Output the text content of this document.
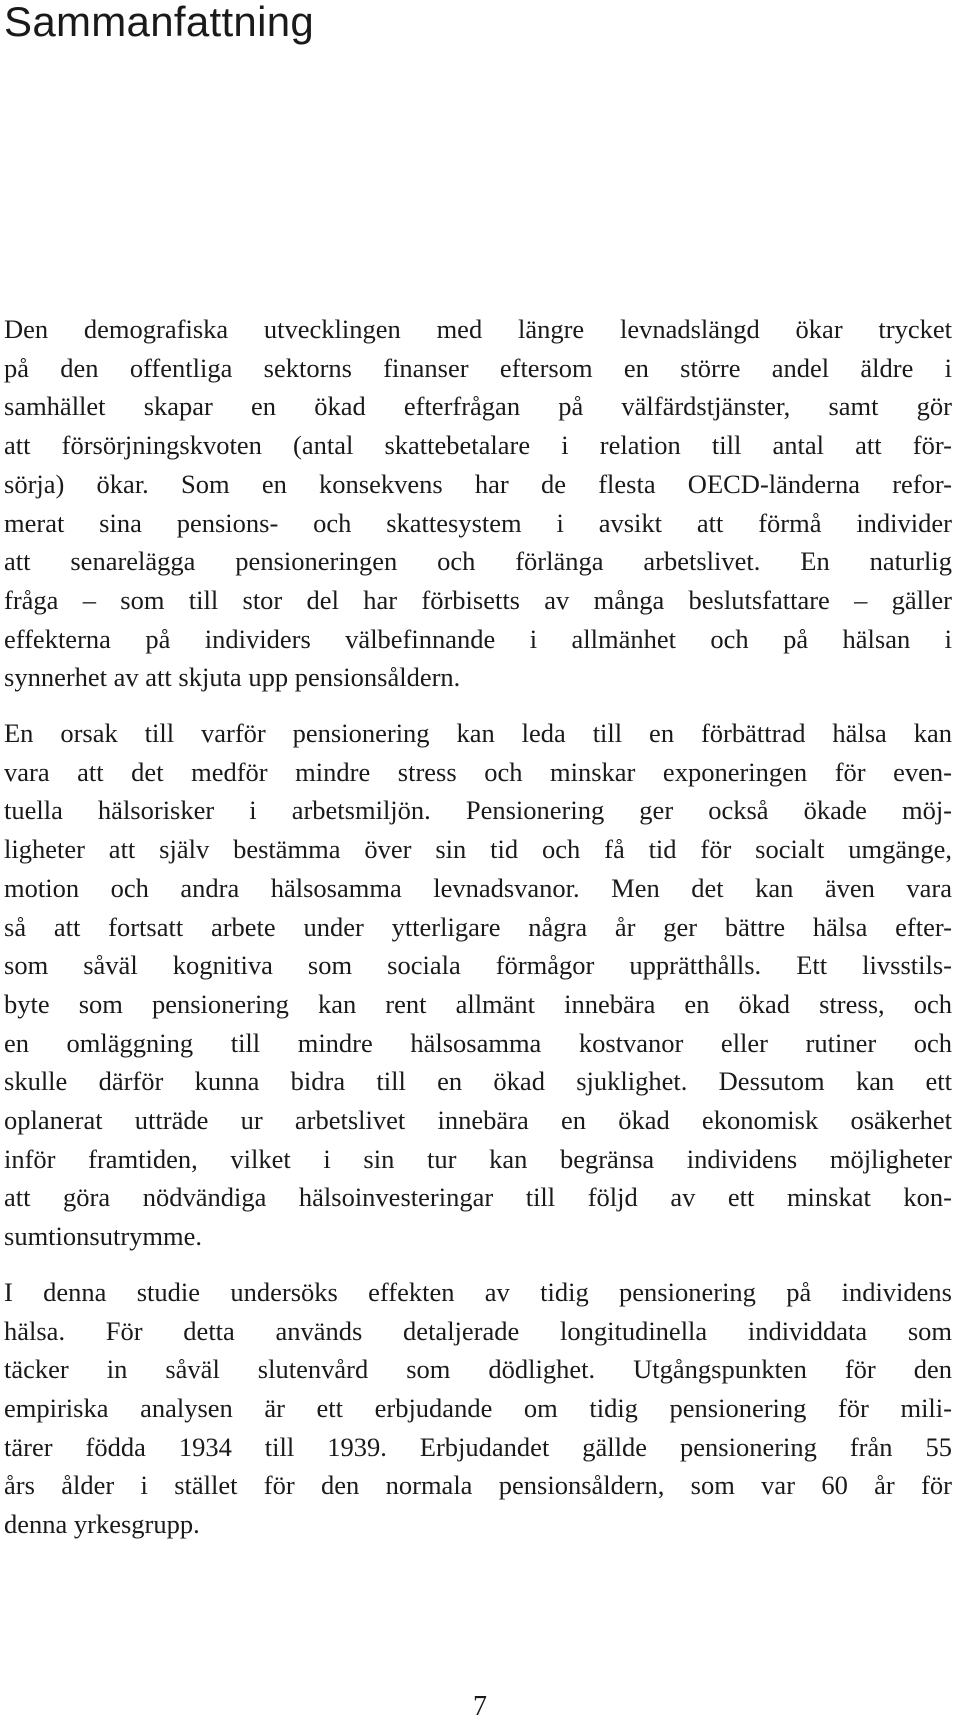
Sammanfattning

Den demografiska utvecklingen med längre levnadslängd ökar trycket
på den offentliga sektorns finanser eftersom en större andel äldre i
samhället skapar en ökad efterfrågan på välfärdstjänster, samt gör
att försörjningskvoten (antal skattebetalare i relation till antal att för-
sörja) ökar. Som en konsekvens har de flesta OECD-länderna refor-
merat sina pensions- och skattesystem i avsikt att förmå individer
att senarelägga pensioneringen och förlänga arbetslivet. En naturlig
fråga – som till stor del har förbisetts av många beslutsfattare – gäller
effekterna på individers välbefinnande i allmänhet och på hälsan i
synnerhet av att skjuta upp pensionsåldern.

En orsak till varför pensionering kan leda till en förbättrad hälsa kan
vara att det medför mindre stress och minskar exponeringen för even-
tuella hälsorisker i arbetsmiljön. Pensionering ger också ökade möj-
ligheter att själv bestämma över sin tid och få tid för socialt umgänge,
motion och andra hälsosamma levnadsvanor. Men det kan även vara
så att fortsatt arbete under ytterligare några år ger bättre hälsa efter-
som såväl kognitiva som sociala förmågor upprätthålls. Ett livsstils-
byte som pensionering kan rent allmänt innebära en ökad stress, och
en omläggning till mindre hälsosamma kostvanor eller rutiner och
skulle därför kunna bidra till en ökad sjuklighet. Dessutom kan ett
oplanerat utträde ur arbetslivet innebära en ökad ekonomisk osäkerhet
inför framtiden, vilket i sin tur kan begränsa individens möjligheter
att göra nödvändiga hälsoinvesteringar till följd av ett minskat kon-
sumtionsutrymme.

I denna studie undersöks effekten av tidig pensionering på individens
hälsa. För detta används detaljerade longitudinella individdata som
täcker in såväl slutenvård som dödlighet. Utgångspunkten för den
empiriska analysen är ett erbjudande om tidig pensionering för mili-
tärer födda 1934 till 1939. Erbjudandet gällde pensionering från 55
års ålder i stället för den normala pensionsåldern, som var 60 år för
denna yrkesgrupp.

7
